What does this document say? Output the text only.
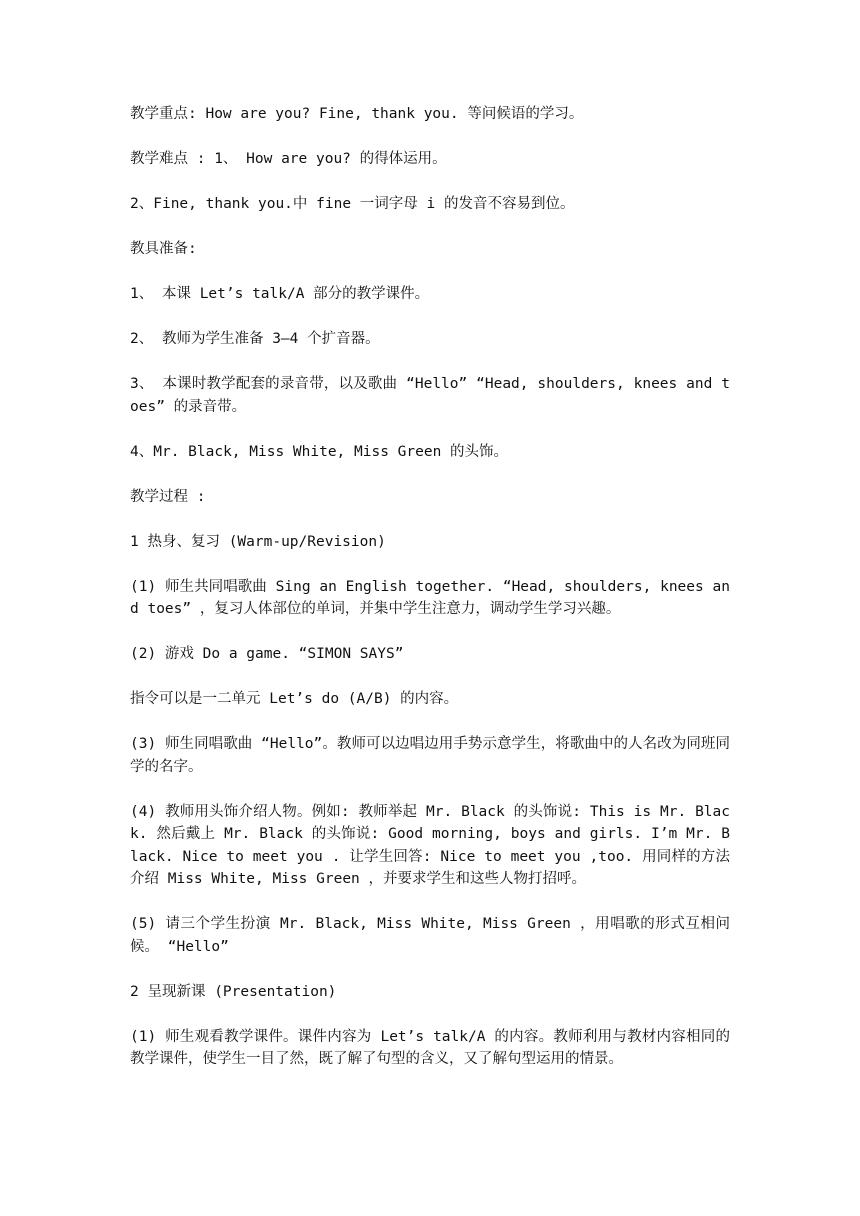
教学重点: How are you? Fine, thank you. 等问候语的学习。

教学难点 : 1、 How are you? 的得体运用。

2、Fine, thank you.中 fine 一词字母 i 的发音不容易到位。

教具准备:

1、 本课 Let’s talk/A 部分的教学课件。

2、 教师为学生准备 3—4 个扩音器。

3、 本课时教学配套的录音带，以及歌曲 “Hello” “Head, shoulders, knees and toes” 的录音带。

4、Mr. Black, Miss White, Miss Green 的头饰。

教学过程 :

1 热身、复习 (Warm-up/Revision)

(1) 师生共同唱歌曲 Sing an English together. “Head, shoulders, knees and toes” ，复习人体部位的单词，并集中学生注意力，调动学生学习兴趣。

(2) 游戏 Do a game. “SIMON SAYS”

指令可以是一二单元 Let’s do (A/B) 的内容。

(3) 师生同唱歌曲 “Hello”。教师可以边唱边用手势示意学生，将歌曲中的人名改为同班同学的名字。

(4) 教师用头饰介绍人物。例如: 教师举起 Mr. Black 的头饰说: This is Mr. Black. 然后戴上 Mr. Black 的头饰说: Good morning, boys and girls. I’m Mr. Black. Nice to meet you . 让学生回答: Nice to meet you ,too. 用同样的方法介绍 Miss White, Miss Green ，并要求学生和这些人物打招呼。

(5) 请三个学生扮演 Mr. Black, Miss White, Miss Green ，用唱歌的形式互相问候。 “Hello”

2 呈现新课 (Presentation)

(1) 师生观看教学课件。课件内容为 Let’s talk/A 的内容。教师利用与教材内容相同的教学课件，使学生一目了然，既了解了句型的含义，又了解句型运用的情景。
